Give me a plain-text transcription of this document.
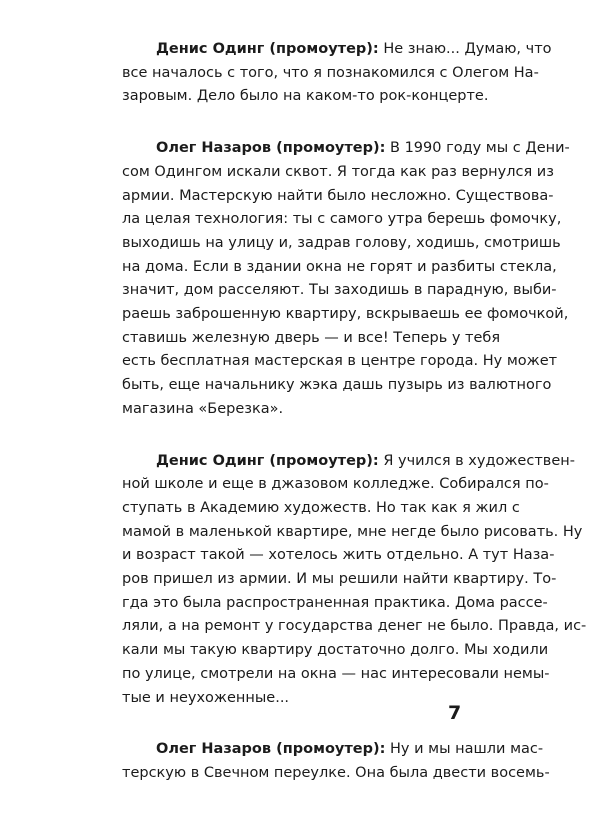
Денис Одинг (промоутер): Не знаю... Думаю, что
все началось с того, что я познакомился с Олегом На-
заровым. Дело было на каком-то рок-концерте.

Олег Назаров (промоутер): В 1990 году мы с Дени-
сом Одингом искали сквот. Я тогда как раз вернулся из
армии. Мастерскую найти было несложно. Существова-
ла целая технология: ты с самого утра берешь фомочку,
выходишь на улицу и, задрав голову, ходишь, смотришь
на дома. Если в здании окна не горят и разбиты стекла,
значит, дом расселяют. Ты заходишь в парадную, выби-
раешь заброшенную квартиру, вскрываешь ее фомочкой,
ставишь железную дверь — и все! Теперь у тебя
есть бесплатная мастерская в центре города. Ну может
быть, еще начальнику жэка дашь пузырь из валютного
магазина «Березка».

Денис Одинг (промоутер): Я учился в художествен-
ной школе и еще в джазовом колледже. Собирался по-
ступать в Академию художеств. Но так как я жил с
мамой в маленькой квартире, мне негде было рисовать. Ну
и возраст такой — хотелось жить отдельно. А тут Наза-
ров пришел из армии. И мы решили найти квартиру. То-
гда это была распространенная практика. Дома рассе-
ляли, а на ремонт у государства денег не было. Правда, ис-
кали мы такую квартиру достаточно долго. Мы ходили
по улице, смотрели на окна — нас интересовали немы-
тые и неухоженные...

Олег Назаров (промоутер): Ну и мы нашли мас-
терскую в Свечном переулке. Она была двести восемь-

7
